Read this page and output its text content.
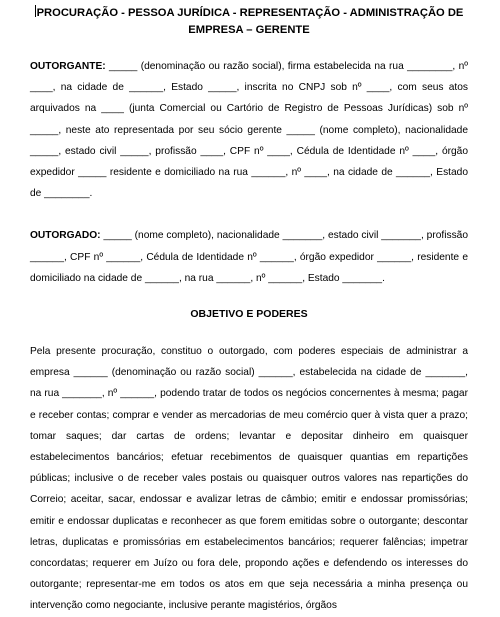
PROCURAÇÃO - PESSOA JURÍDICA - REPRESENTAÇÃO - ADMINISTRAÇÃO DE
EMPRESA – GERENTE

OUTORGANTE: _____ (denominação ou razão social), firma estabelecida na rua ________, nº ____, na cidade de ______, Estado _____, inscrita no CNPJ sob nº ____, com seus atos arquivados na ____ (junta Comercial ou Cartório de Registro de Pessoas Jurídicas) sob nº _____, neste ato representada por seu sócio gerente _____ (nome completo), nacionalidade _____, estado civil _____, profissão ____, CPF nº ____, Cédula de Identidade nº ____, órgão expedidor _____ residente e domiciliado na rua ______, nº ____, na cidade de ______, Estado de ________.

OUTORGADO: _____ (nome completo), nacionalidade _______, estado civil _______, profissão ______, CPF nº ______, Cédula de Identidade nº ______, órgão expedidor ______, residente e domiciliado na cidade de ______, na rua ______, nº ______, Estado _______.

OBJETIVO E PODERES

Pela presente procuração, constituo o outorgado, com poderes especiais de administrar a empresa ______ (denominação ou razão social) ______, estabelecida na cidade de _______, na rua _______, nº ______, podendo tratar de todos os negócios concernentes à mesma; pagar e receber contas; comprar e vender as mercadorias de meu comércio quer à vista quer a prazo; tomar saques; dar cartas de ordens; levantar e depositar dinheiro em quaisquer estabelecimentos bancários; efetuar recebimentos de quaisquer quantias em repartições públicas; inclusive o de receber vales postais ou quaisquer outros valores nas repartições do Correio; aceitar, sacar, endossar e avalizar letras de câmbio; emitir e endossar promissórias; emitir e endossar duplicatas e reconhecer as que forem emitidas sobre o outorgante; descontar letras, duplicatas e promissórias em estabelecimentos bancários; requerer falências; impetrar concordatas; requerer em Juízo ou fora dele, propondo ações e defendendo os interesses do outorgante; representar-me em todos os atos em que seja necessária a minha presença ou intervenção como negociante, inclusive perante magistérios, órgãos
